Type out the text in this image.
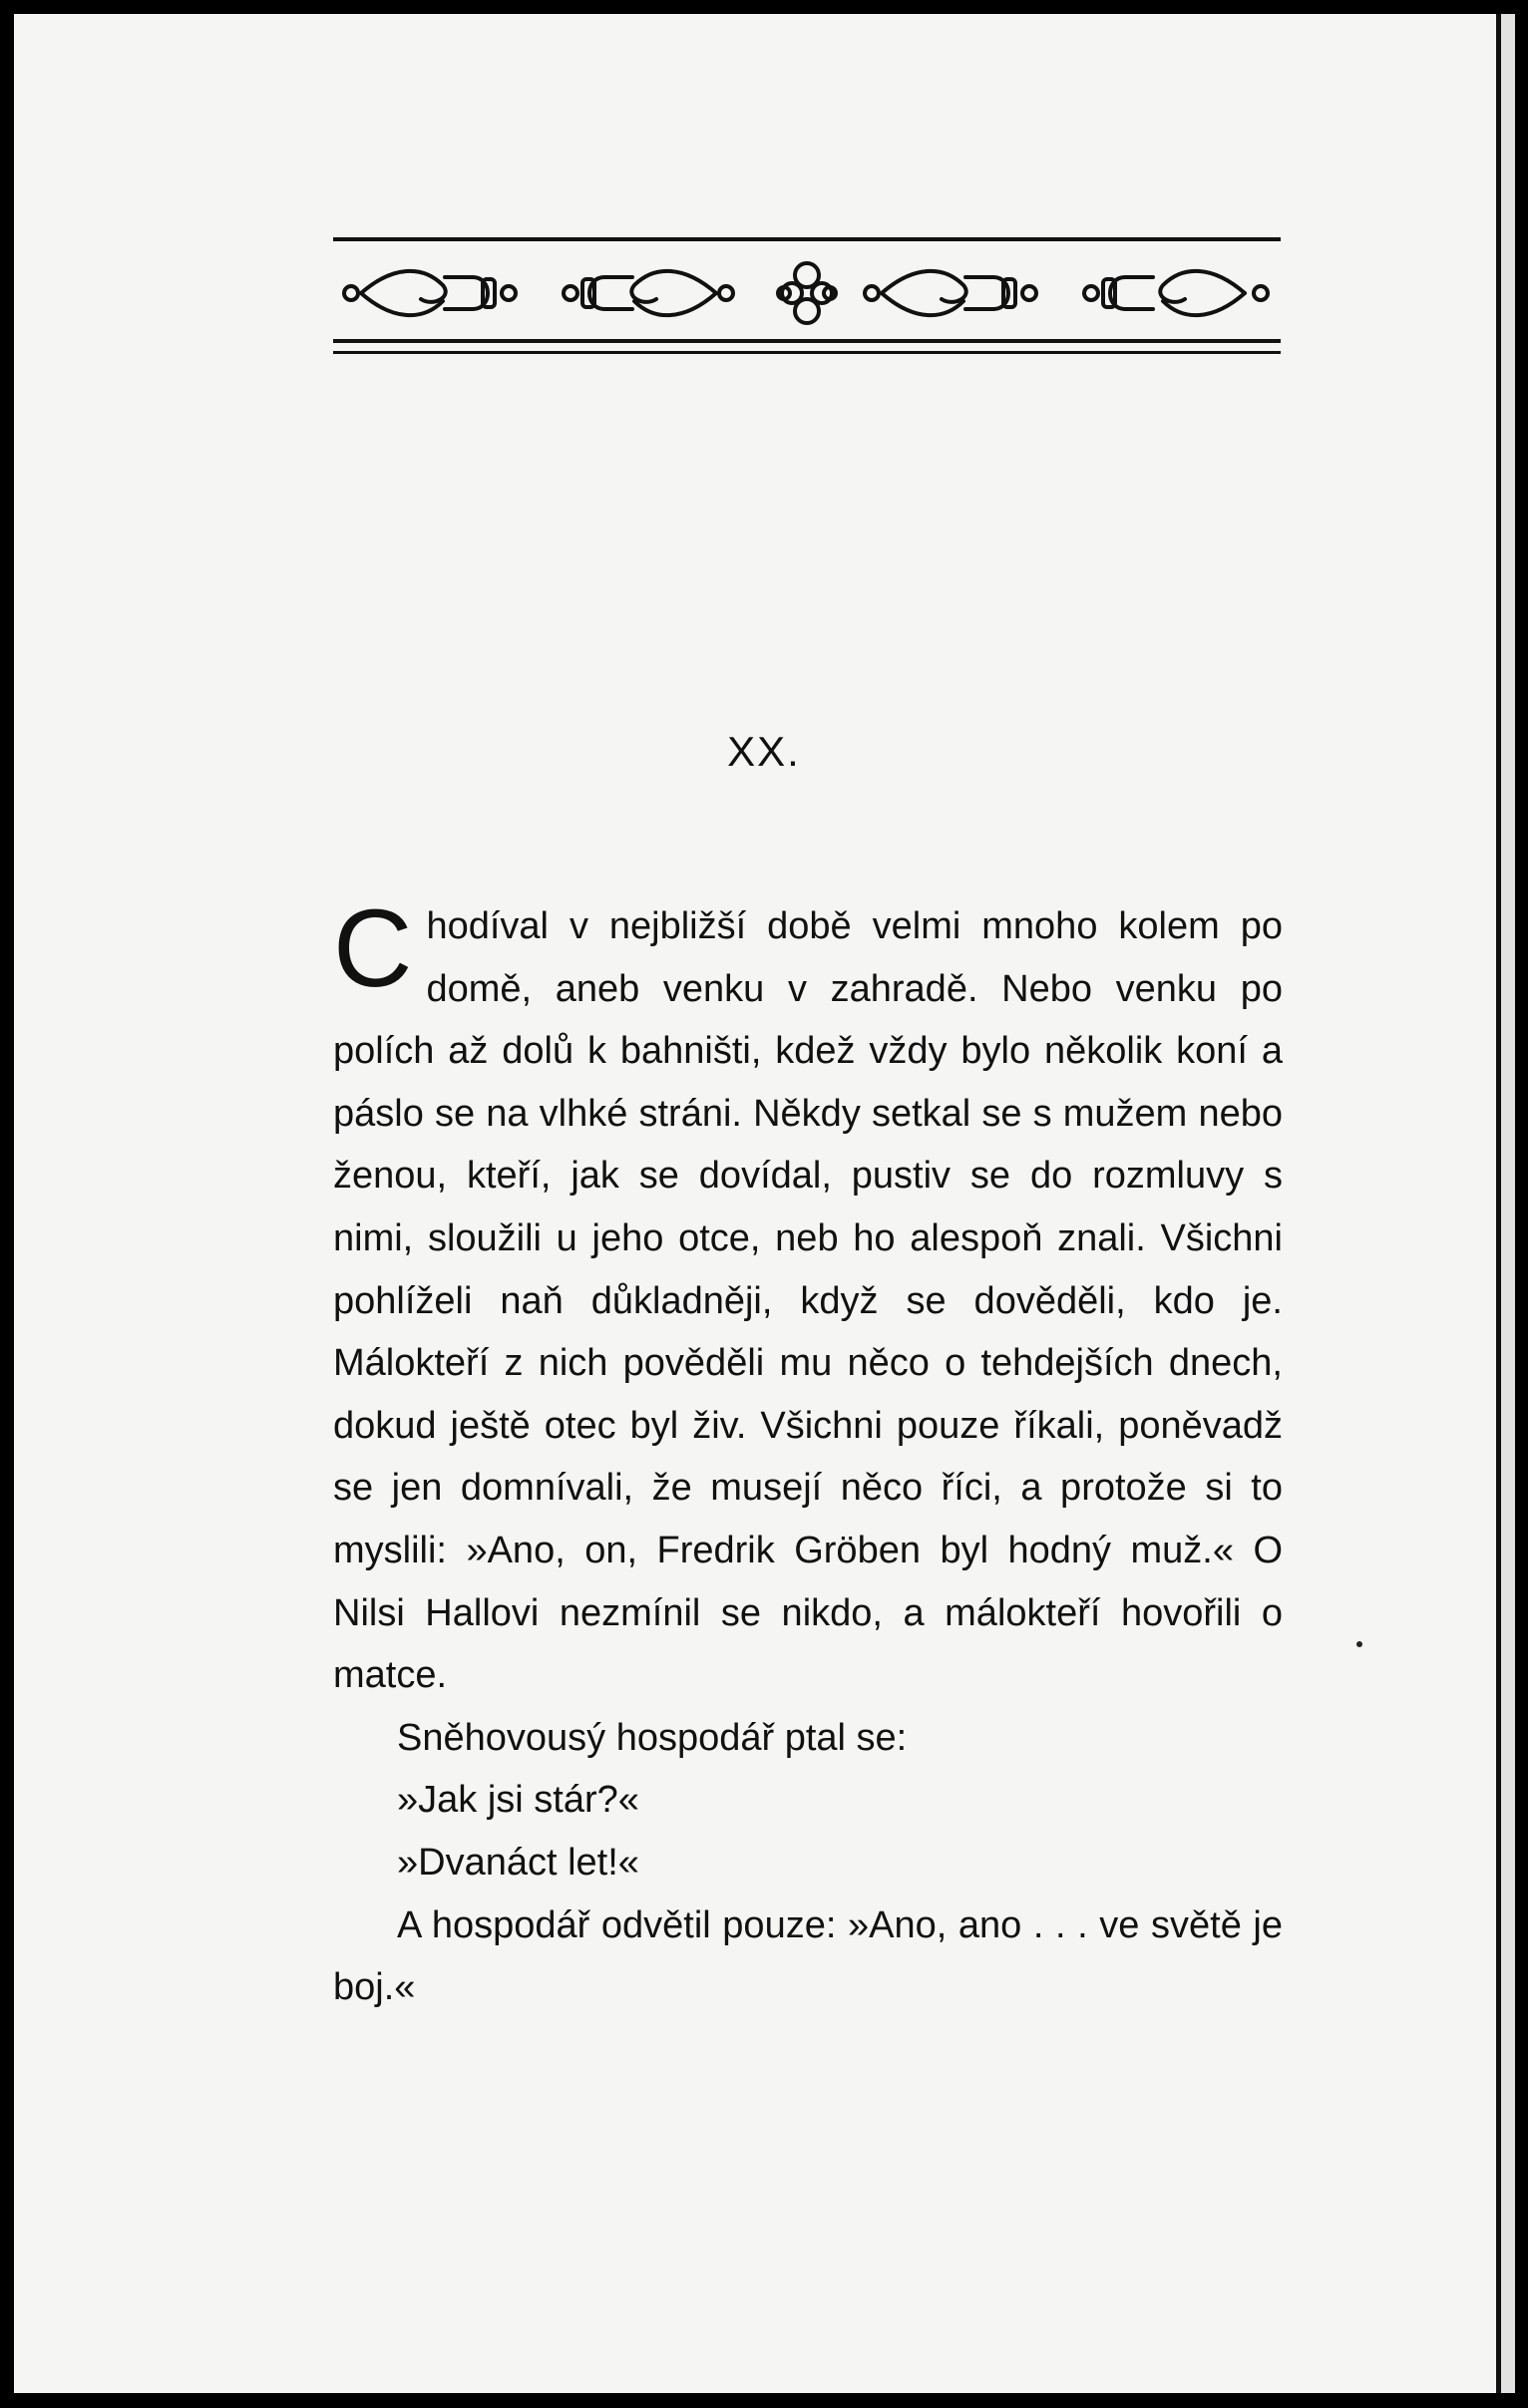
XX.

Chodíval v nejbližší době velmi mnoho kolem po domě, aneb venku v zahradě. Nebo venku po polích až dolů k bahništi, kdež vždy bylo několik koní a páslo se na vlhké stráni. Někdy setkal se s mužem nebo ženou, kteří, jak se dovídal, pustiv se do rozmluvy s nimi, sloužili u jeho otce, neb ho alespoň znali. Všichni pohlíželi naň důkladněji, když se dověděli, kdo je. Málokteří z nich pověděli mu něco o tehdejších dnech, dokud ještě otec byl živ. Všichni pouze říkali, poněvadž se jen domnívali, že musejí něco říci, a protože si to myslili: »Ano, on, Fredrik Gröben byl hodný muž.« O Nilsi Hallovi nezmínil se nikdo, a málokteří hovořili o matce.

Sněhovousý hospodář ptal se:

»Jak jsi stár?«

»Dvanáct let!«

A hospodář odvětil pouze: »Ano, ano . . . ve světě je boj.«
